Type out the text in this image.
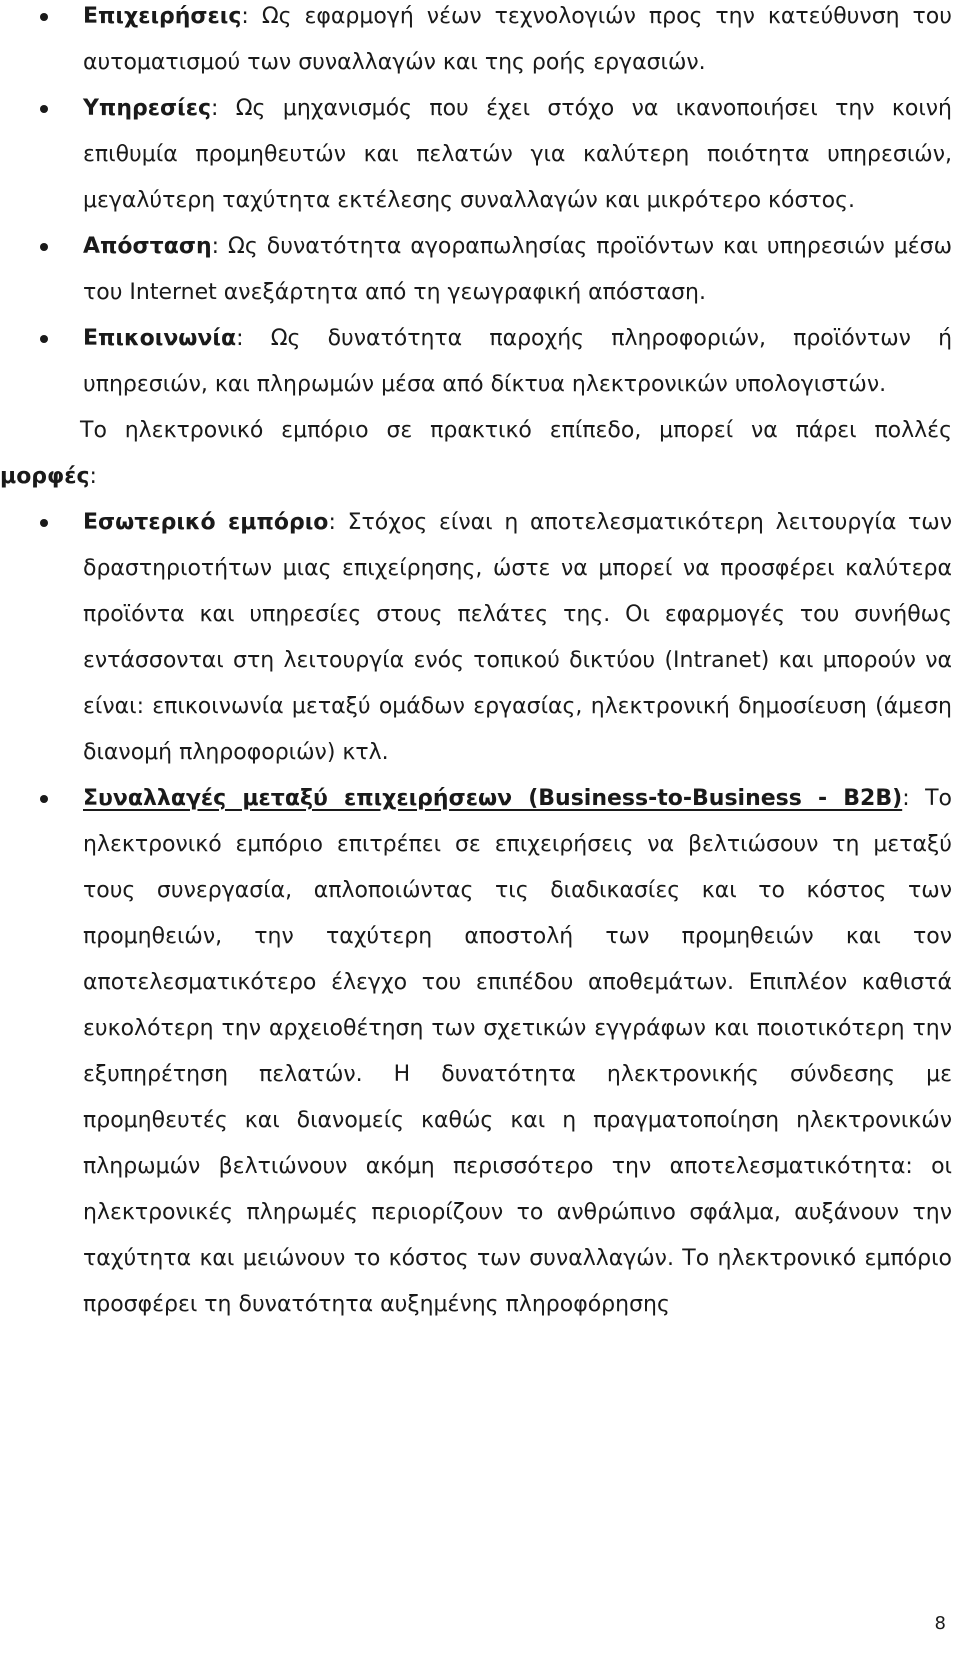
Επιχειρήσεις: Ως εφαρμογή νέων τεχνολογιών προς την κατεύθυνση του αυτοματισμού των συναλλαγών και της ροής εργασιών.
Υπηρεσίες: Ως μηχανισμός που έχει στόχο να ικανοποιήσει την κοινή επιθυμία προμηθευτών και πελατών για καλύτερη ποιότητα υπηρεσιών, μεγαλύτερη ταχύτητα εκτέλεσης συναλλαγών και μικρότερο κόστος.
Απόσταση: Ως δυνατότητα αγοραπωλησίας προϊόντων και υπηρεσιών μέσω του Internet ανεξάρτητα από τη γεωγραφική απόσταση.
Επικοινωνία: Ως δυνατότητα παροχής πληροφοριών, προϊόντων ή υπηρεσιών, και πληρωμών μέσα από δίκτυα ηλεκτρονικών υπολογιστών.

Το ηλεκτρονικό εμπόριο σε πρακτικό επίπεδο, μπορεί να πάρει πολλές μορφές:

Εσωτερικό εμπόριο: Στόχος είναι η αποτελεσματικότερη λειτουργία των δραστηριοτήτων μιας επιχείρησης, ώστε να μπορεί να προσφέρει καλύτερα προϊόντα και υπηρεσίες στους πελάτες της. Οι εφαρμογές του συνήθως εντάσσονται στη λειτουργία ενός τοπικού δικτύου (Intranet) και μπορούν να είναι: επικοινωνία μεταξύ ομάδων εργασίας, ηλεκτρονική δημοσίευση (άμεση διανομή πληροφοριών) κτλ.
Συναλλαγές μεταξύ επιχειρήσεων (Business-to-Business - B2B): Το ηλεκτρονικό εμπόριο επιτρέπει σε επιχειρήσεις να βελτιώσουν τη μεταξύ τους συνεργασία, απλοποιώντας τις διαδικασίες και το κόστος των προμηθειών, την ταχύτερη αποστολή των προμηθειών και τον αποτελεσματικότερο έλεγχο του επιπέδου αποθεμάτων. Επιπλέον καθιστά ευκολότερη την αρχειοθέτηση των σχετικών εγγράφων και ποιοτικότερη την εξυπηρέτηση πελατών. Η δυνατότητα ηλεκτρονικής σύνδεσης με προμηθευτές και διανομείς καθώς και η πραγματοποίηση ηλεκτρονικών πληρωμών βελτιώνουν ακόμη περισσότερο την αποτελεσματικότητα: οι ηλεκτρονικές πληρωμές περιορίζουν το ανθρώπινο σφάλμα, αυξάνουν την ταχύτητα και μειώνουν το κόστος των συναλλαγών. Το ηλεκτρονικό εμπόριο προσφέρει τη δυνατότητα αυξημένης πληροφόρησης
8
